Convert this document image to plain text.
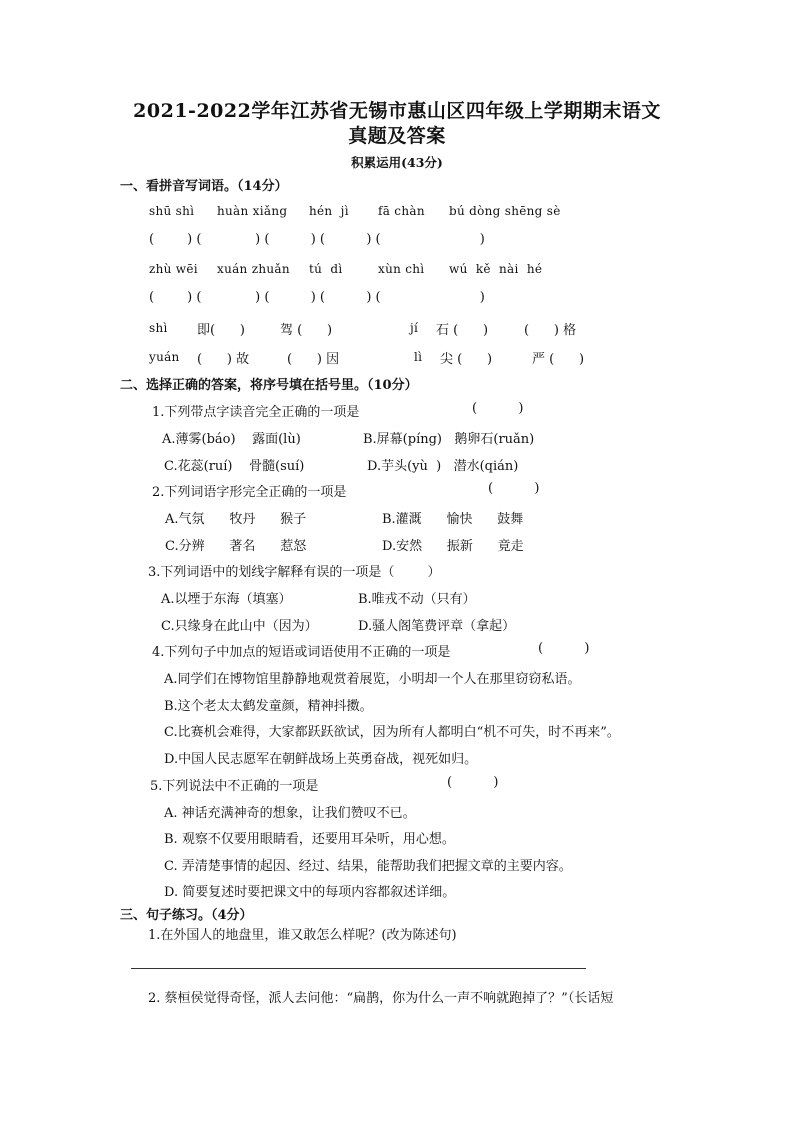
2021-2022学年江苏省无锡市惠山区四年级上学期期末语文
真题及答案
积累运用(43分)
一、看拼音写词语。（14分）
shū shì huàn xiǎng hén  jì fā chàn bú dòng shēng sè
(        ) (             ) (          ) (          ) (                        )
zhù wēi xuán zhuǎn tú  dì	xùn chì wú  kě  nài  hé
(        ) (             ) (          ) (          ) (                        )
shì 即(      )	驾 (      )	jí 石 (      )	(      ) 格
yuán (      ) 故	(      ) 因	lì 尖 (      )	严 (      )
二、选择正确的答案，将序号填在括号里。（10分）
1.下列带点字读音完全正确的一项是	(          )
A.薄雾(báo)    露面(lù)	B.屏幕(píng)   鹅卵石(ruǎn)
C.花蕊(ruí)    骨髓(suí)	D.芋头(yù  )   潜水(qián)
2.下列词语字形完全正确的一项是	(          )
A.气氛      牧丹      猴子	B.灌溉      愉快      鼓舞
C.分辨      著名      惹怒	D.安然      振新      竟走
3.下列词语中的划线字解释有误的一项是（        ）
A.以堙于东海（填塞）	B.唯戎不动（只有）
C.只缘身在此山中（因为）	D.骚人阁笔费评章（拿起）
4.下列句子中加点的短语或词语使用不正确的一项是	(          )
A.同学们在博物馆里静静地观赏着展览，小明却一个人在那里窃窃私语。
B.这个老太太鹤发童颜，精神抖擞。
C.比赛机会难得，大家都跃跃欲试，因为所有人都明白“机不可失，时不再来”。
D.中国人民志愿军在朝鲜战场上英勇奋战，视死如归。
5.下列说法中不正确的一项是	(          )
A. 神话充满神奇的想象，让我们赞叹不已。
B. 观察不仅要用眼睛看，还要用耳朵听，用心想。
C. 弄清楚事情的起因、经过、结果，能帮助我们把握文章的主要内容。
D. 简要复述时要把课文中的每项内容都叙述详细。
三、句子练习。（4分）
1.在外国人的地盘里，谁又敢怎么样呢？(改为陈述句)
2. 蔡桓侯觉得奇怪，派人去问他：“扁鹊，你为什么一声不响就跑掉了？”（长话短
